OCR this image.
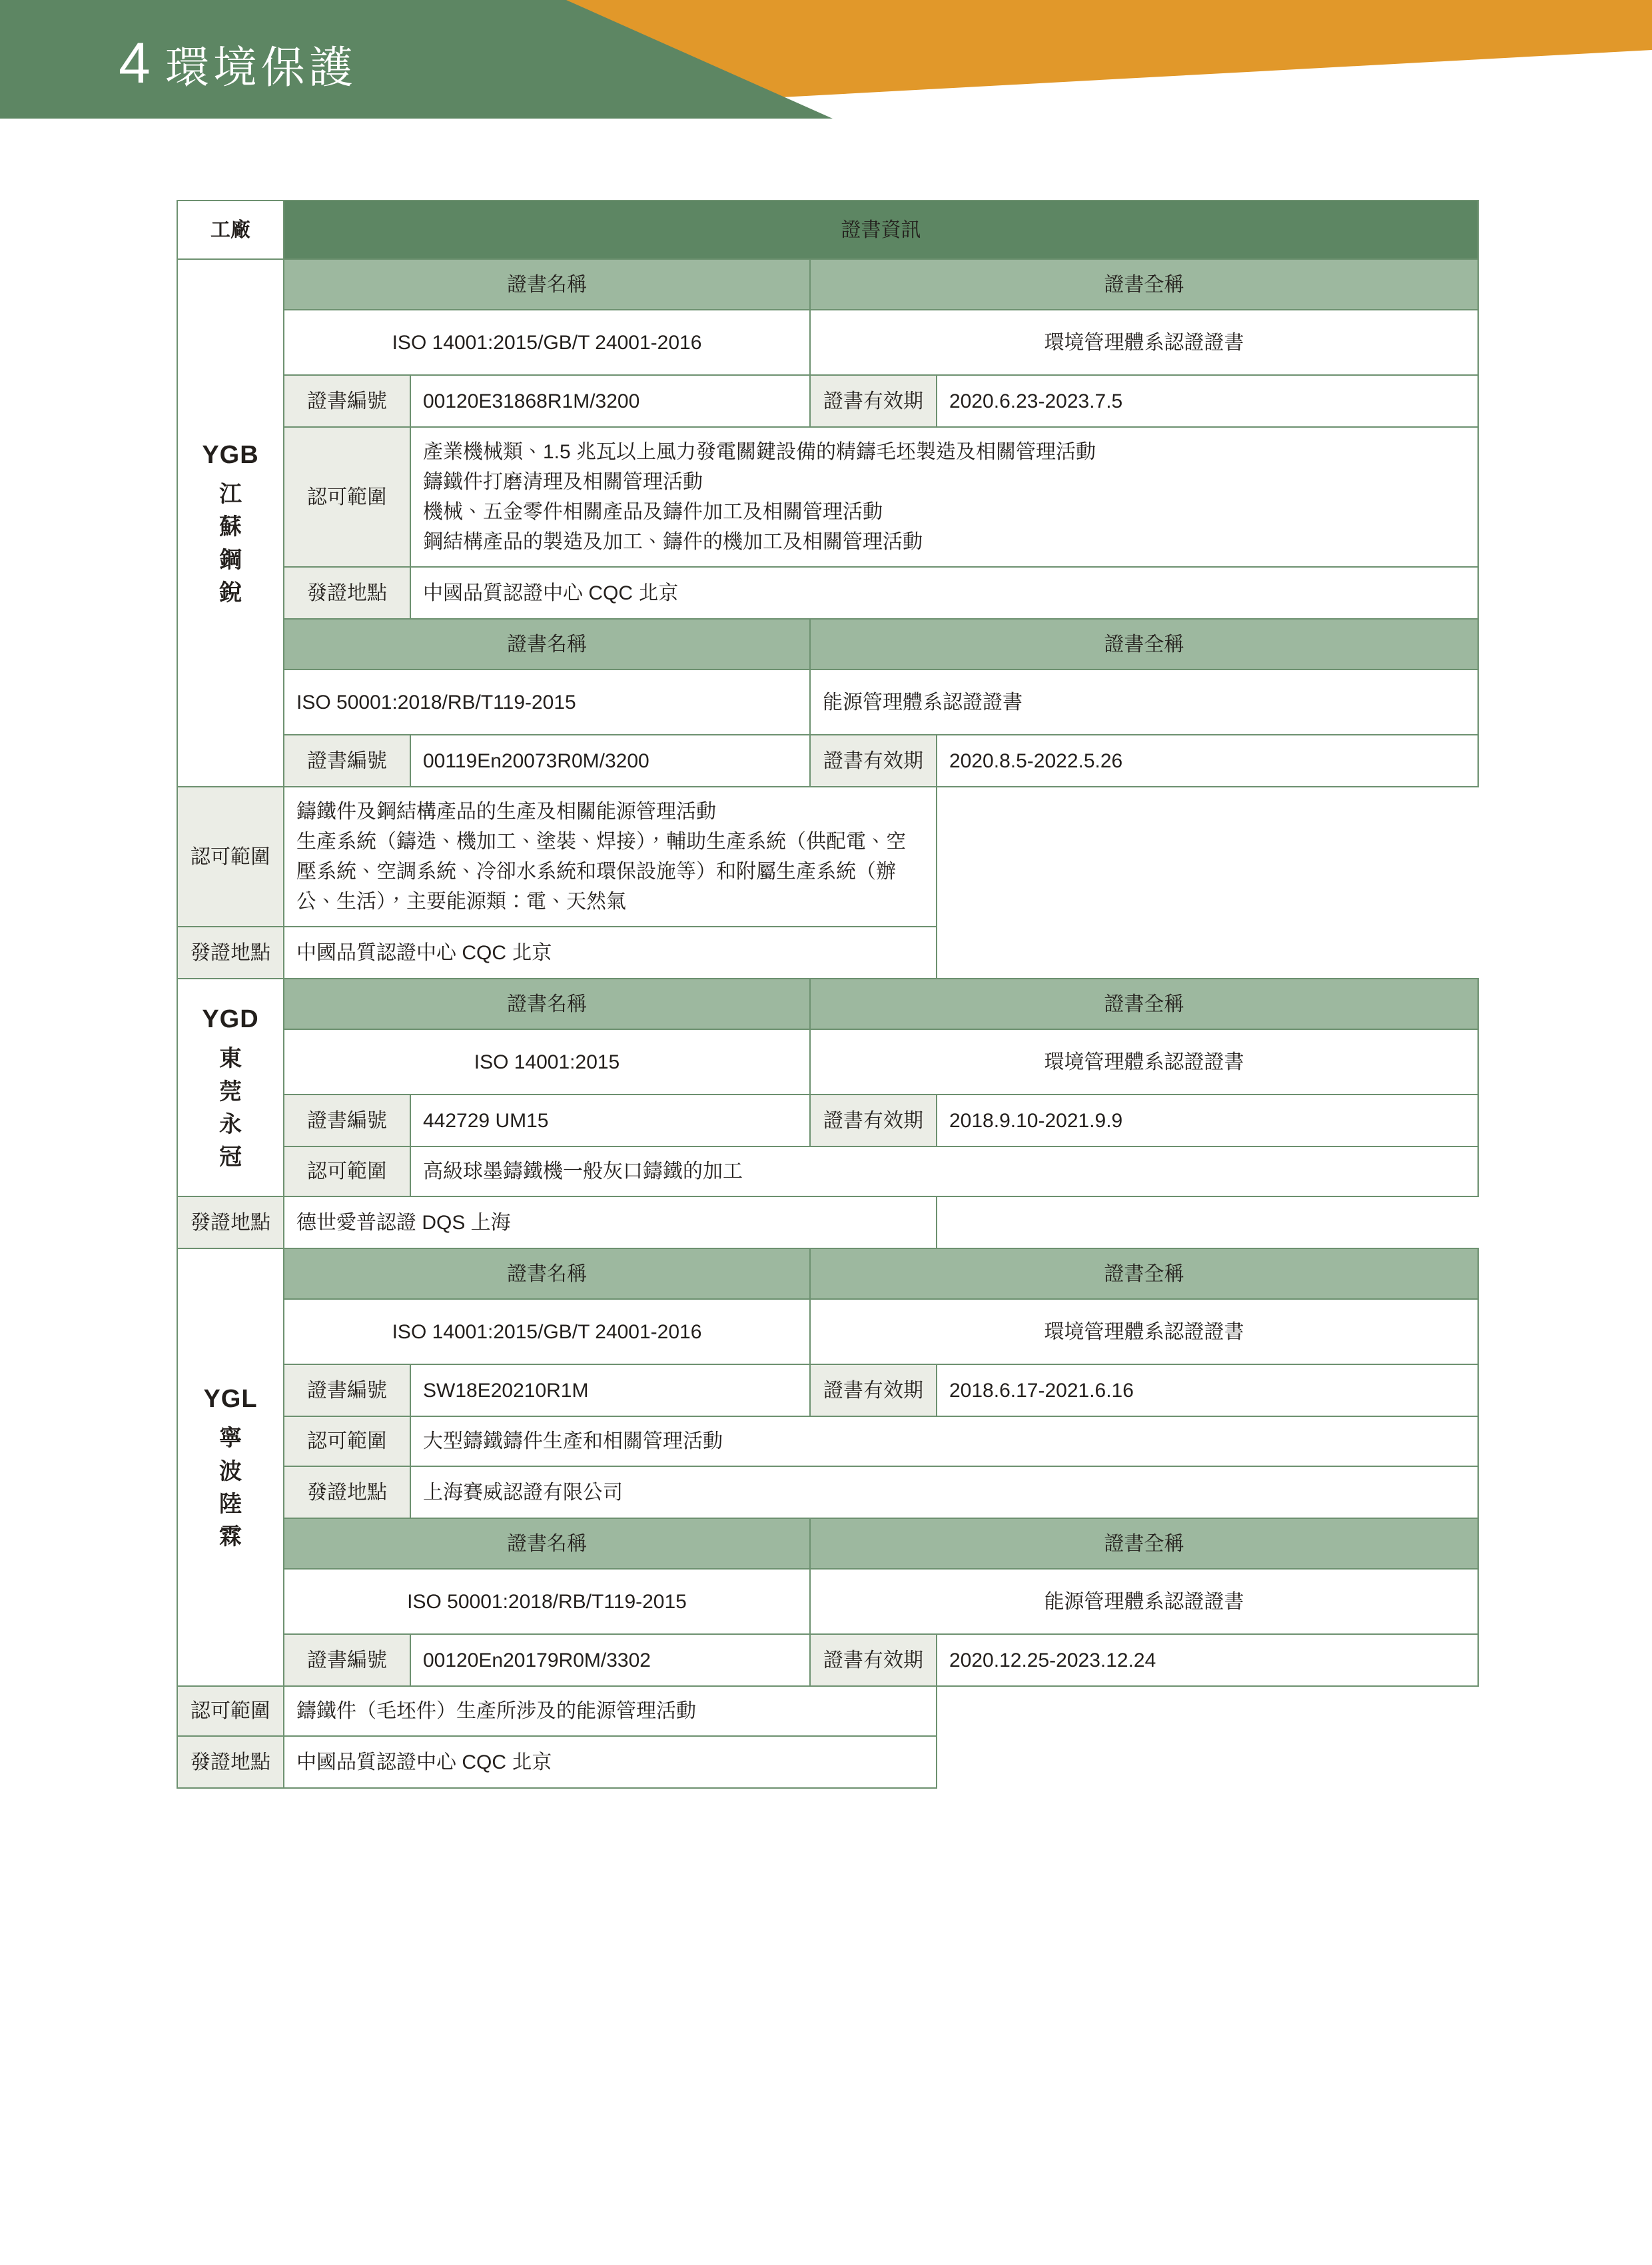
4 環境保護
工廠	證書資訊			

YGB
江
蘇
鋼
銳	證書名稱		證書全稱	
	ISO 14001:2015/GB/T 24001-2016		環境管理體系認證證書	
	證書編號	00120E31868R1M/3200	證書有效期	2020.6.23-2023.7.5
	認可範圍	產業機械類、1.5 兆瓦以上風力發電關鍵設備的精鑄毛坯製造及相關管理活動
鑄鐵件打磨清理及相關管理活動
機械、五金零件相關產品及鑄件加工及相關管理活動
鋼結構產品的製造及加工、鑄件的機加工及相關管理活動		

	發證地點	中國品質認證中心 CQC 北京		
	證書名稱		證書全稱	
	ISO 50001:2018/RB/T119-2015		能源管理體系認證證書	
	證書編號	00119En20073R0M/3200	證書有效期	2020.8.5-2022.5.26
認可範圍	鑄鐵件及鋼結構產品的生產及相關能源管理活動
生產系統（鑄造、機加工、塗裝、焊接），輔助生產系統（供配電、空壓系統、空調系統、冷卻水系統和環保設施等）和附屬生產系統（辦公、生活），主要能源類：電、天然氣			

發證地點	中國品質認證中心 CQC 北京			

YGD
東
莞
永
冠	證書名稱		證書全稱	
	ISO 14001:2015		環境管理體系認證證書	
	證書編號	442729 UM15	證書有效期	2018.9.10-2021.9.9
	認可範圍	高級球墨鑄鐵機一般灰口鑄鐵的加工		

發證地點	德世愛普認證 DQS 上海			

YGL
寧
波
陸
霖	證書名稱		證書全稱	
	ISO 14001:2015/GB/T 24001-2016		環境管理體系認證證書	
	證書編號	SW18E20210R1M	證書有效期	2018.6.17-2021.6.16
	認可範圍	大型鑄鐵鑄件生產和相關管理活動		

	發證地點	上海賽威認證有限公司		
	證書名稱		證書全稱	
	ISO 50001:2018/RB/T119-2015		能源管理體系認證證書	
	證書編號	00120En20179R0M/3302	證書有效期	2020.12.25-2023.12.24
認可範圍	鑄鐵件（毛坯件）生產所涉及的能源管理活動			

發證地點	中國品質認證中心 CQC 北京			
